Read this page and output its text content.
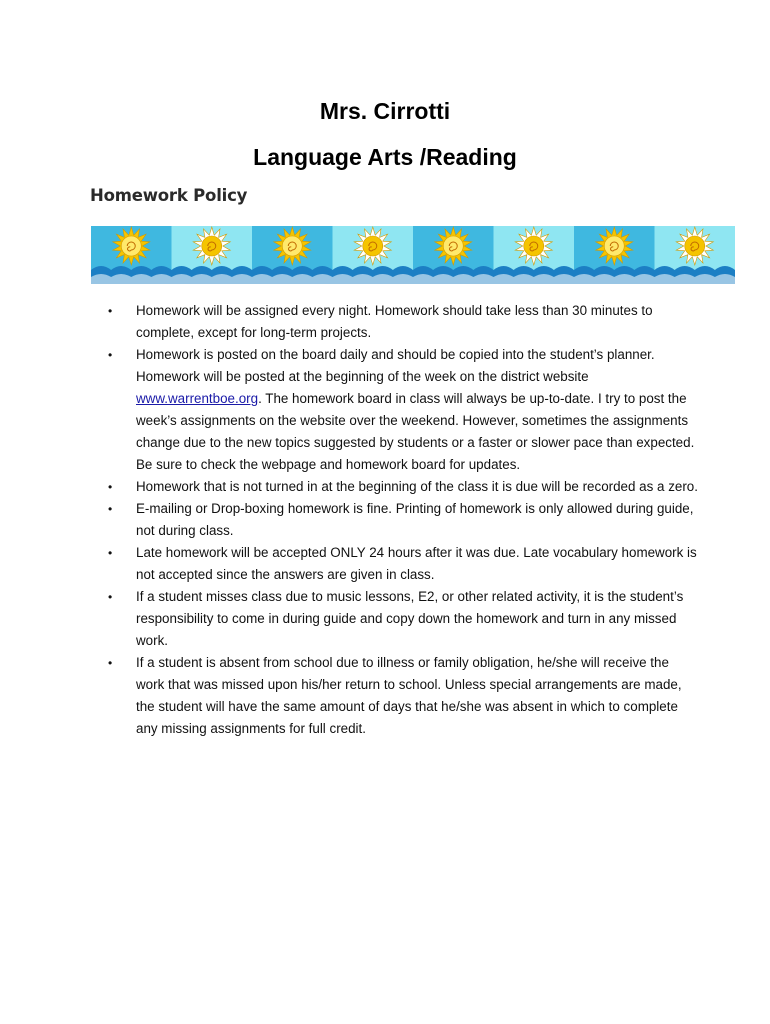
Mrs. Cirrotti
Language Arts /Reading
Homework Policy
• Homework will be assigned every night. Homework should take less than 30 minutes to complete, except for long-term projects.
• Homework is posted on the board daily and should be copied into the student’s planner. Homework will be posted at the beginning of the week on the district website www.warrentboe.org. The homework board in class will always be up-to-date. I try to post the week’s assignments on the website over the weekend. However, sometimes the assignments change due to the new topics suggested by students or a faster or slower pace than expected. Be sure to check the webpage and homework board for updates.
• Homework that is not turned in at the beginning of the class it is due will be recorded as a zero.
• E-mailing or Drop-boxing homework is fine. Printing of homework is only allowed during guide, not during class.
• Late homework will be accepted ONLY 24 hours after it was due. Late vocabulary homework is not accepted since the answers are given in class.
• If a student misses class due to music lessons, E2, or other related activity, it is the student’s responsibility to come in during guide and copy down the homework and turn in any missed work.
• If a student is absent from school due to illness or family obligation, he/she will receive the work that was missed upon his/her return to school. Unless special arrangements are made, the student will have the same amount of days that he/she was absent in which to complete any missing assignments for full credit.
